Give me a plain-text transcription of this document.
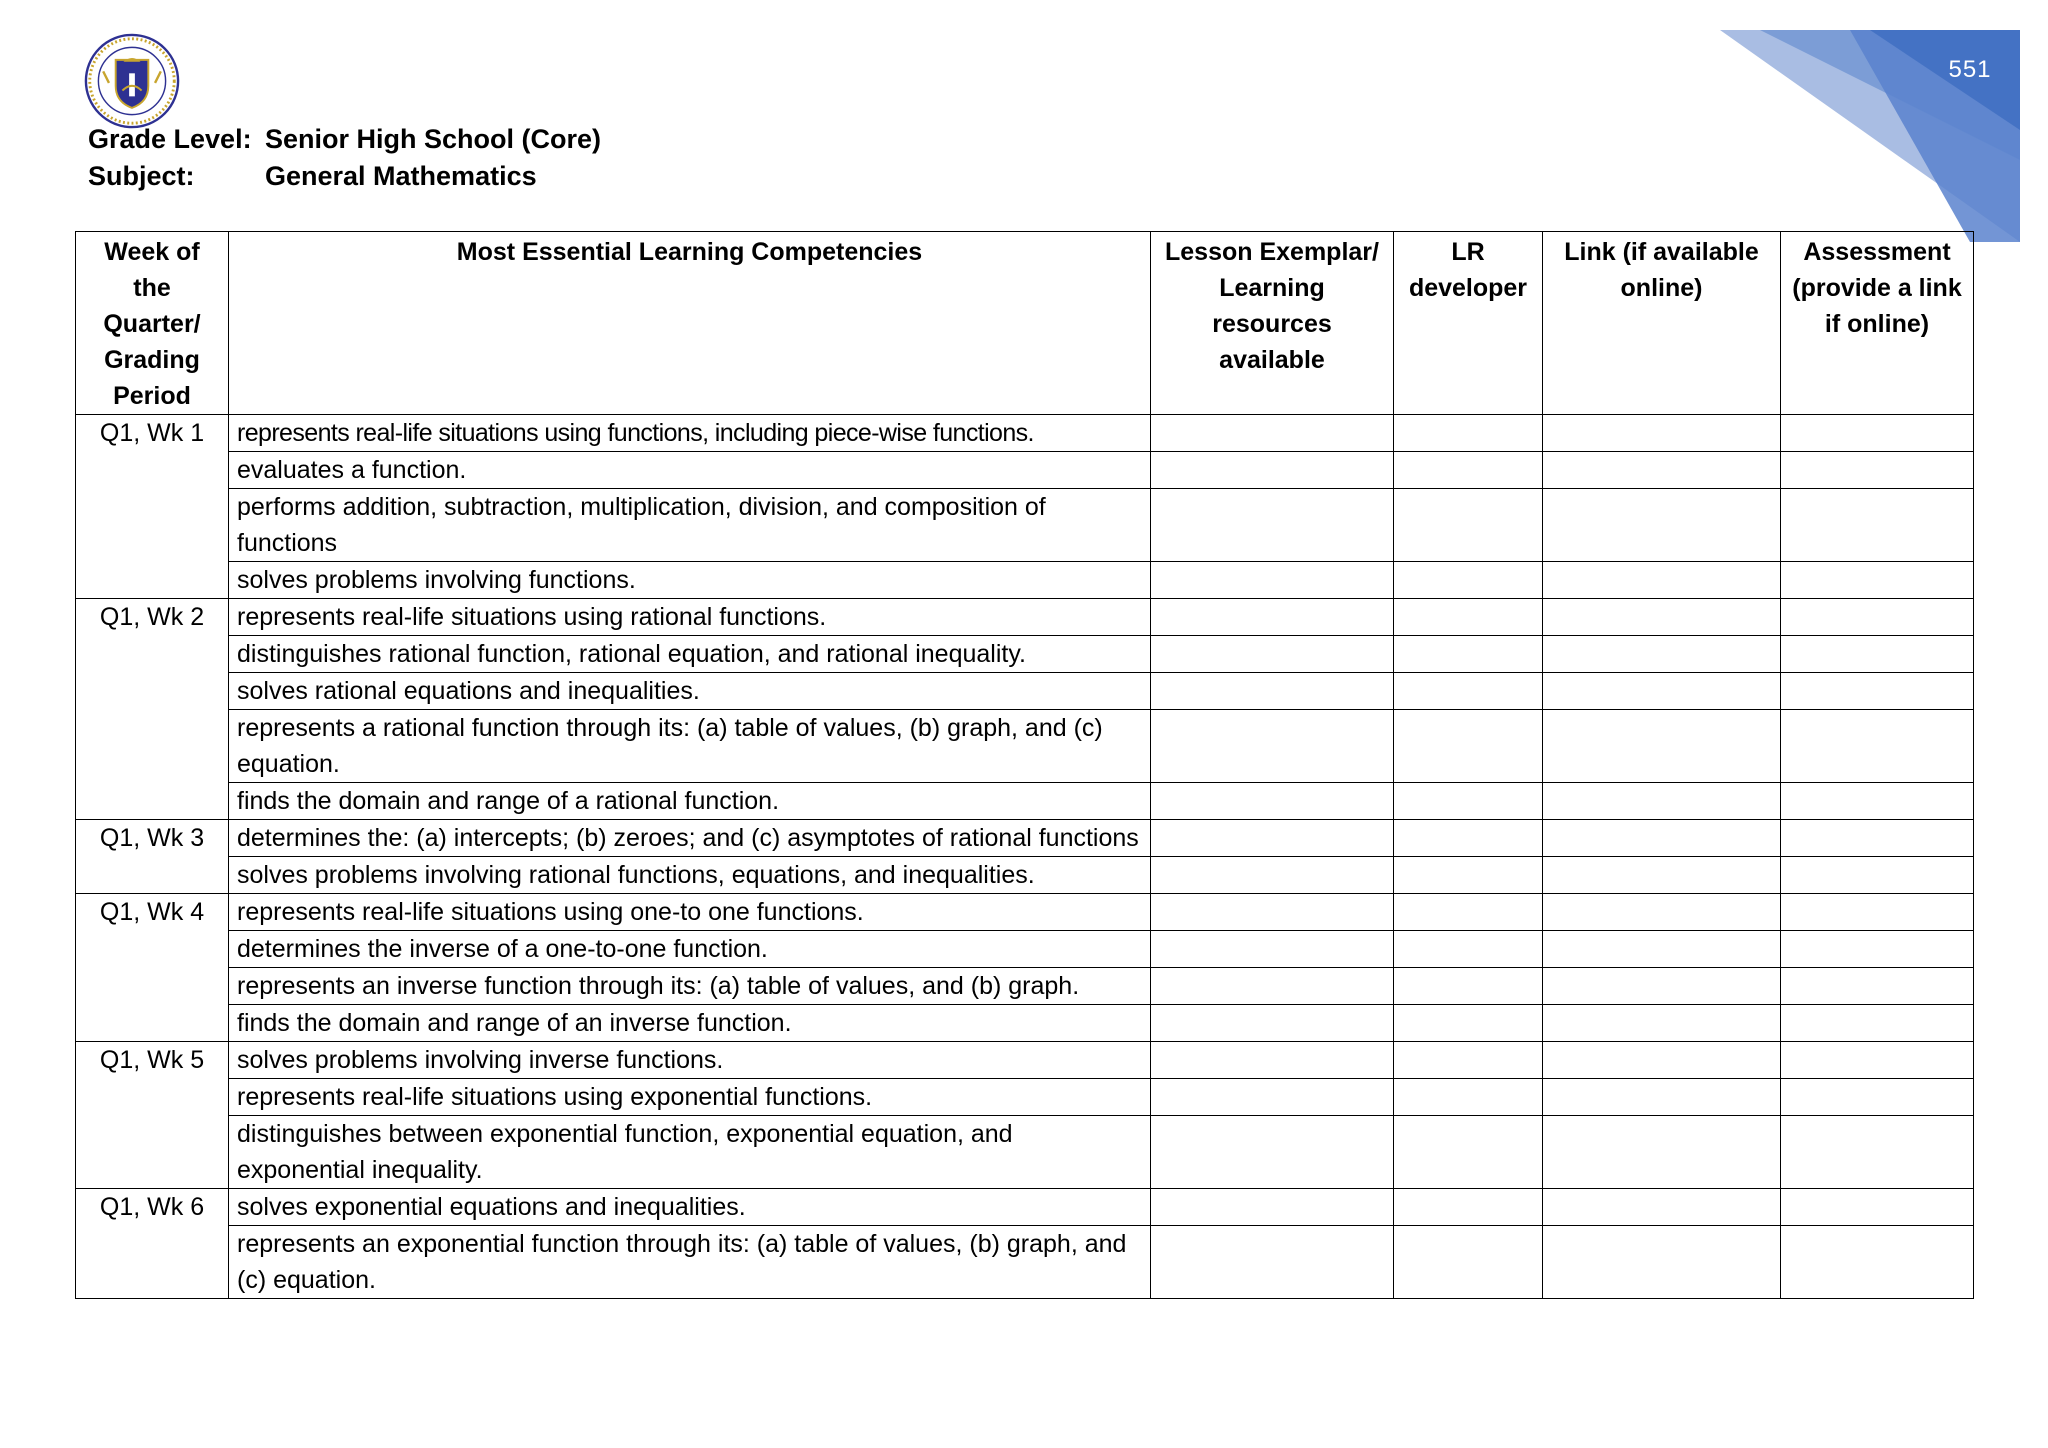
551
Grade Level: Senior High School (Core)
Subject:	General Mathematics
Week of the Quarter/ Grading Period	Most Essential Learning Competencies	Lesson Exemplar/ Learning resources available	LR developer	Link (if available online)	Assessment (provide a link if online)
Q1, Wk 1	represents real-life situations using functions, including piece-wise functions.				
	evaluates a function.				
	performs addition, subtraction, multiplication, division, and composition of functions				
	solves problems involving functions.				
Q1, Wk 2	represents real-life situations using rational functions.				
	distinguishes rational function, rational equation, and rational inequality.				
	solves rational equations and inequalities.				
	represents a rational function through its: (a) table of values, (b) graph, and (c) equation.				
	finds the domain and range of a rational function.				
Q1, Wk 3	determines the: (a) intercepts; (b) zeroes; and (c) asymptotes of rational functions				
	solves problems involving rational functions, equations, and inequalities.				
Q1, Wk 4	represents real-life situations using one-to one functions.				
	determines the inverse of a one-to-one function.				
	represents an inverse function through its: (a) table of values, and (b) graph.				
	finds the domain and range of an inverse function.				
Q1, Wk 5	solves problems involving inverse functions.				
	represents real-life situations using exponential functions.				
	distinguishes between exponential function, exponential equation, and exponential inequality.				
Q1, Wk 6	solves exponential equations and inequalities.				
	represents an exponential function through its: (a) table of values, (b) graph, and (c) equation.				
